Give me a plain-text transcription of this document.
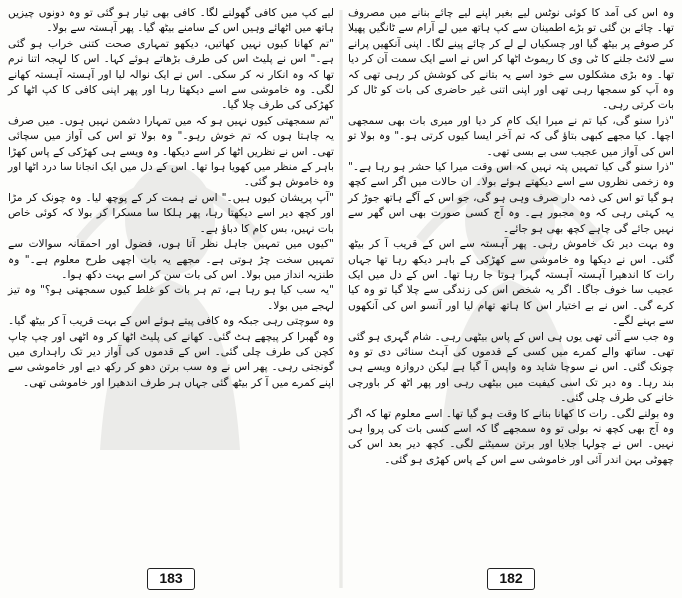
وہ اس کی آمد کا کوئی نوٹس لیے بغیر اپنے لیے چائے بنانے میں مصروف تھا۔ چائے بن گئی تو بڑے اطمینان سے کپ ہاتھ میں لے آرام سے ٹانگیں پھیلا کر صوفے پر بیٹھ گیا اور چسکیاں لے لے کر چائے پینے لگا۔ اپنی آنکھیں پرانے سے لائٹ جلنے کا ٹی وی کا ریموٹ اٹھا کر اس نے اسے ایک سمت آن کر دیا تھا۔ وہ بڑی مشکلوں سے خود اسے یہ بتانے کی کوشش کر رہی تھی کہ وہ آپ کو سمجھا رہی تھی اور اپنی اتنی غیر حاضری کی بات کو ٹال کر بات کرتی رہی۔

"ذرا سنو گی، کیا تم نے میرا ایک کام کر دیا اور میری بات بھی سمجھی اچھا۔ کیا مجھے کبھی بتاؤ گی کہ تم آخر ایسا کیوں کرتی ہو۔" وہ بولا تو اس کی آواز میں عجیب سی بے بسی تھی۔

"ذرا سنو گی کیا تمہیں پتہ نہیں کہ اس وقت میرا کیا حشر ہو رہا ہے۔" وہ زخمی نظروں سے اسے دیکھتے ہوئے بولا۔ ان حالات میں اگر اسے کچھ ہو گیا تو اس کی ذمہ دار صرف وہی ہو گی، جو اس کے آگے ہاتھ جوڑ کر یہ کہتی رہی کہ وہ مجبور ہے۔ وہ آج کسی صورت بھی اس گھر سے نہیں جائے گی چاہے کچھ بھی ہو جائے۔

وہ بہت دیر تک خاموش رہی۔ پھر آہستہ سے اس کے قریب آ کر بیٹھ گئی۔ اس نے دیکھا وہ خاموشی سے کھڑکی کے باہر دیکھ رہا تھا جہاں رات کا اندھیرا آہستہ آہستہ گہرا ہوتا جا رہا تھا۔ اس کے دل میں ایک عجیب سا خوف جاگا۔ اگر یہ شخص اس کی زندگی سے چلا گیا تو وہ کیا کرے گی۔ اس نے بے اختیار اس کا ہاتھ تھام لیا اور آنسو اس کی آنکھوں سے بہنے لگے۔

وہ جب سے آئی تھی یوں ہی اس کے پاس بیٹھی رہی۔ شام گہری ہو گئی تھی۔ ساتھ والے کمرے میں کسی کے قدموں کی آہٹ سنائی دی تو وہ چونک گئی۔ اس نے سوچا شاید وہ واپس آ گیا ہے لیکن دروازہ ویسے ہی بند رہا۔ وہ دیر تک اسی کیفیت میں بیٹھی رہی اور پھر اٹھ کر باورچی خانے کی طرف چلی گئی۔

وہ بولنے لگی۔ رات کا کھانا بنانے کا وقت ہو گیا تھا۔ اسے معلوم تھا کہ اگر وہ آج بھی کچھ نہ بولی تو وہ سمجھے گا کہ اسے کسی بات کی پروا ہی نہیں۔ اس نے چولہا جلایا اور برتن سمیٹنے لگی۔ کچھ دیر بعد اس کی چھوٹی بہن اندر آئی اور خاموشی سے اس کے پاس کھڑی ہو گئی۔

182

لیے کپ میں کافی گھولنے لگا۔ کافی بھی تیار ہو گئی تو وہ دونوں چیزیں ہاتھ میں اٹھائے وہیں اس کے سامنے بیٹھ گیا۔ پھر آہستہ سے بولا۔

"تم کھانا کیوں نہیں کھاتیں، دیکھو تمہاری صحت کتنی خراب ہو گئی ہے۔" اس نے پلیٹ اس کی طرف بڑھاتے ہوئے کہا۔ اس کا لہجہ اتنا نرم تھا کہ وہ انکار نہ کر سکی۔ اس نے ایک نوالہ لیا اور آہستہ آہستہ کھانے لگی۔ وہ خاموشی سے اسے دیکھتا رہا اور پھر اپنی کافی کا کپ اٹھا کر کھڑکی کی طرف چلا گیا۔

"تم سمجھتی کیوں نہیں ہو کہ میں تمہارا دشمن نہیں ہوں۔ میں صرف یہ چاہتا ہوں کہ تم خوش رہو۔" وہ بولا تو اس کی آواز میں سچائی تھی۔ اس نے نظریں اٹھا کر اسے دیکھا۔ وہ ویسے ہی کھڑکی کے پاس کھڑا باہر کے منظر میں کھویا ہوا تھا۔ اس کے دل میں ایک انجانا سا درد اٹھا اور وہ خاموش ہو گئی۔

"آپ پریشان کیوں ہیں۔" اس نے ہمت کر کے پوچھ لیا۔ وہ چونک کر مڑا اور کچھ دیر اسے دیکھتا رہا، پھر ہلکا سا مسکرا کر بولا کہ کوئی خاص بات نہیں، بس کام کا دباؤ ہے۔

"کیوں میں تمہیں جاہل نظر آتا ہوں، فضول اور احمقانہ سوالات سے تمہیں سخت چڑ ہوتی ہے۔ مجھے یہ بات اچھی طرح معلوم ہے۔" وہ طنزیہ انداز میں بولا۔ اس کی بات سن کر اسے بہت دکھ ہوا۔

"یہ سب کیا ہو رہا ہے، تم ہر بات کو غلط کیوں سمجھتی ہو؟" وہ تیز لہجے میں بولا۔

وہ سوچتی رہی جبکہ وہ کافی پیتے ہوئے اس کے بہت قریب آ کر بیٹھ گیا۔ وہ گھبرا کر پیچھے ہٹ گئی۔ کھانے کی پلیٹ اٹھا کر وہ اٹھی اور چپ چاپ کچن کی طرف چلی گئی۔ اس کے قدموں کی آواز دیر تک راہداری میں گونجتی رہی۔ پھر اس نے وہ سب برتن دھو کر رکھ دیے اور خاموشی سے اپنے کمرے میں آ کر بیٹھ گئی جہاں ہر طرف اندھیرا اور خاموشی تھی۔

183
